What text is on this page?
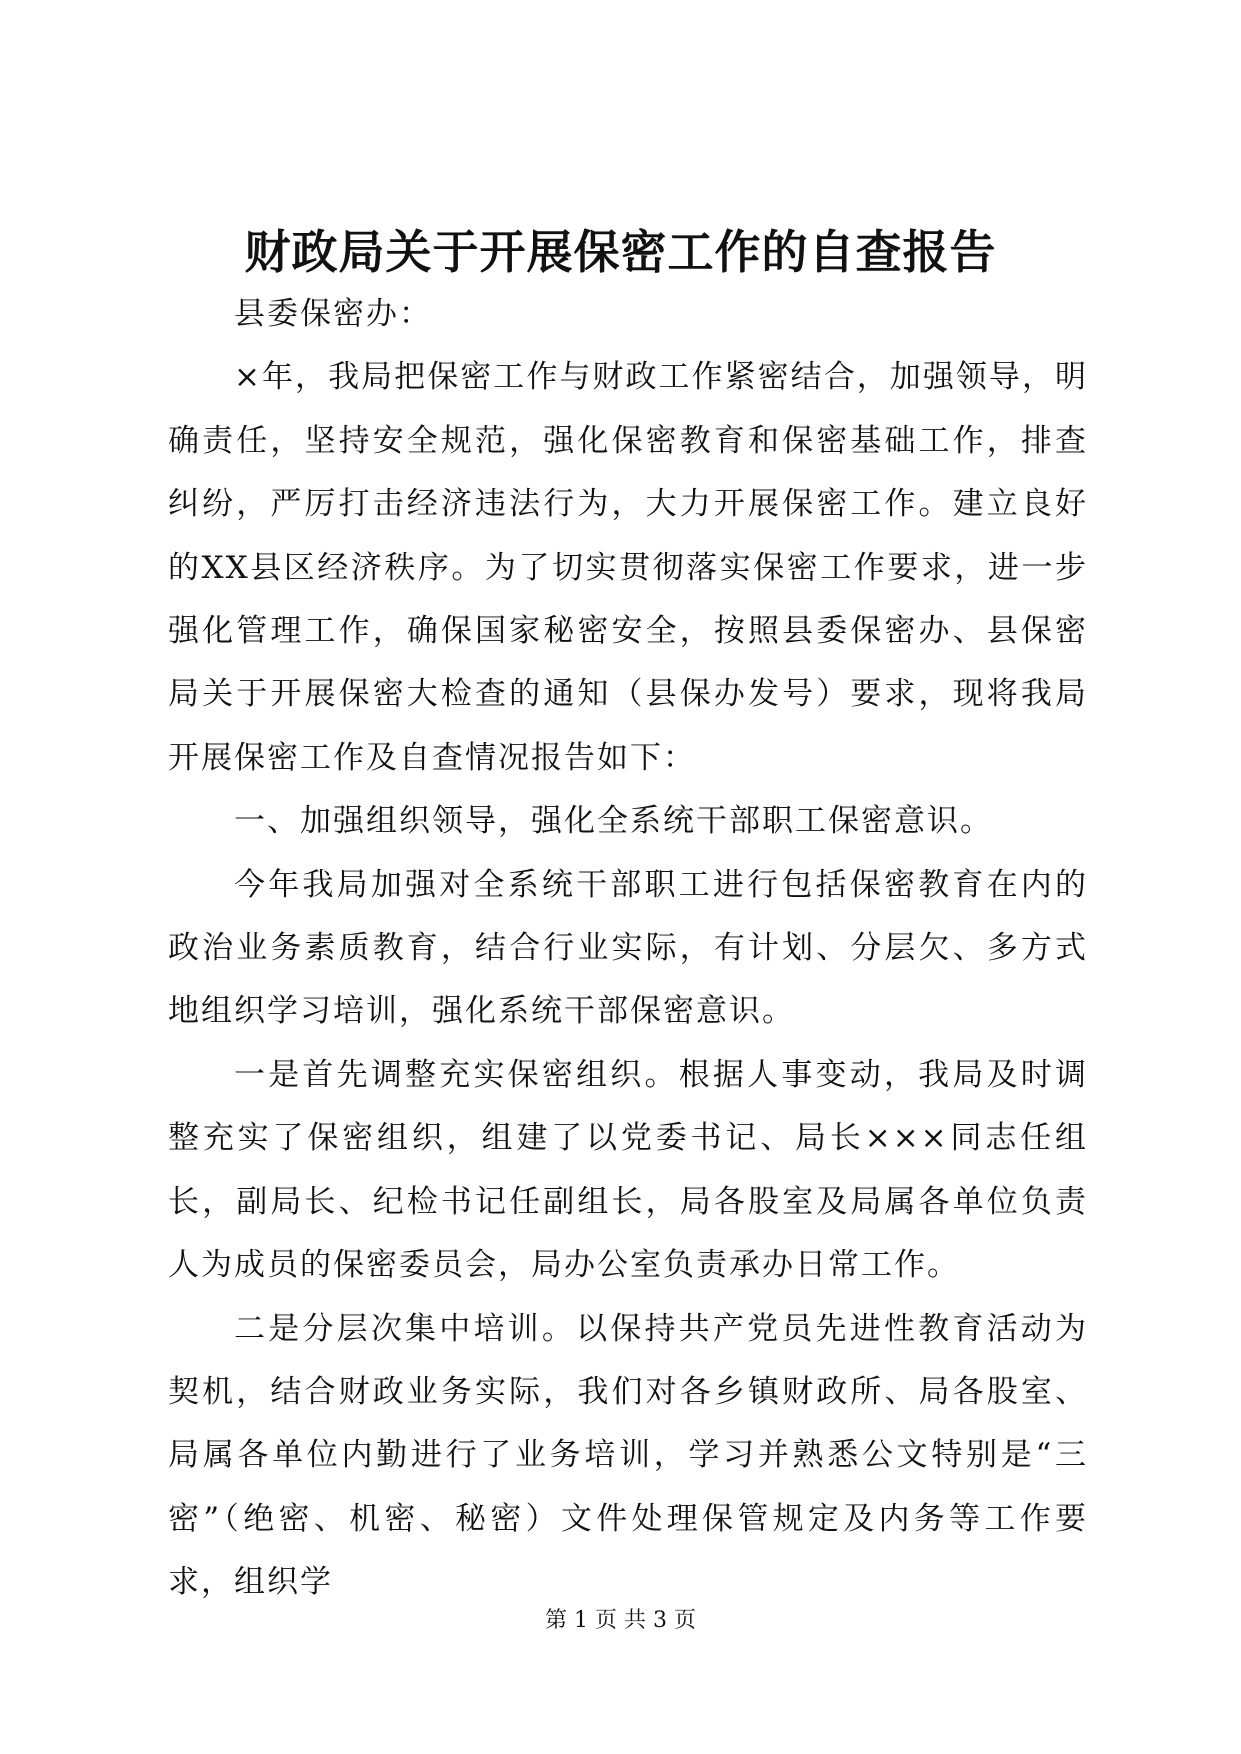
财政局关于开展保密工作的自查报告

县委保密办：

×年，我局把保密工作与财政工作紧密结合，加强领导，明确责任，坚持安全规范，强化保密教育和保密基础工作，排查纠纷，严厉打击经济违法行为，大力开展保密工作。建立良好的XX县区经济秩序。为了切实贯彻落实保密工作要求，进一步强化管理工作，确保国家秘密安全，按照县委保密办、县保密局关于开展保密大检查的通知（县保办发号）要求，现将我局开展保密工作及自查情况报告如下：

一、加强组织领导，强化全系统干部职工保密意识。

今年我局加强对全系统干部职工进行包括保密教育在内的政治业务素质教育，结合行业实际，有计划、分层欠、多方式地组织学习培训，强化系统干部保密意识。

一是首先调整充实保密组织。根据人事变动，我局及时调整充实了保密组织，组建了以党委书记、局长×××同志任组长，副局长、纪检书记任副组长，局各股室及局属各单位负责人为成员的保密委员会，局办公室负责承办日常工作。

二是分层次集中培训。以保持共产党员先进性教育活动为契机，结合财政业务实际，我们对各乡镇财政所、局各股室、局属各单位内勤进行了业务培训，学习并熟悉公文特别是“三密”（绝密、机密、秘密）文件处理保管规定及内务等工作要求，组织学

第 1 页 共 3 页
